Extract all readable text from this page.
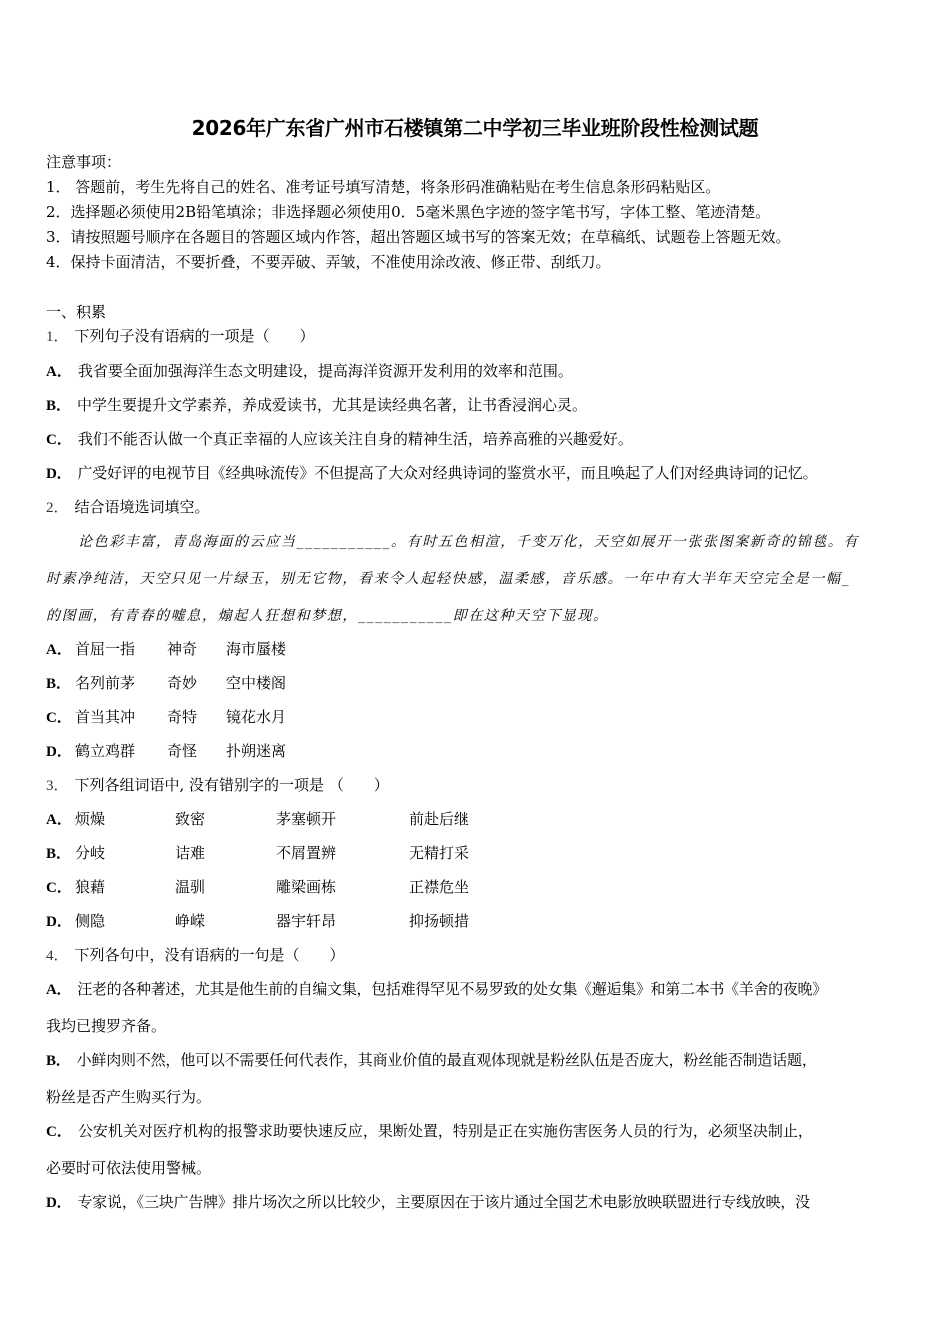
2026年广东省广州市石楼镇第二中学初三毕业班阶段性检测试题
注意事项：
1． 答题前，考生先将自己的姓名、准考证号填写清楚，将条形码准确粘贴在考生信息条形码粘贴区。
2．选择题必须使用2B铅笔填涂；非选择题必须使用0．5毫米黑色字迹的签字笔书写，字体工整、笔迹清楚。
3．请按照题号顺序在各题目的答题区域内作答，超出答题区域书写的答案无效；在草稿纸、试题卷上答题无效。
4．保持卡面清洁，不要折叠，不要弄破、弄皱，不准使用涂改液、修正带、刮纸刀。
一、积累
1． 下列句子没有语病的一项是（　　）
A． 我省要全面加强海洋生态文明建设，提高海洋资源开发利用的效率和范围。
B． 中学生要提升文学素养，养成爱读书，尤其是读经典名著，让书香浸润心灵。
C． 我们不能否认做一个真正幸福的人应该关注自身的精神生活，培养高雅的兴趣爱好。
D． 广受好评的电视节目《经典咏流传》不但提高了大众对经典诗词的鉴赏水平，而且唤起了人们对经典诗词的记忆。
2． 结合语境选词填空。
论色彩丰富，青岛海面的云应当___________。有时五色相渲，千变万化，天空如展开一张张图案新奇的锦毯。有
时素净纯洁，天空只见一片绿玉，别无它物，看来令人起轻快感，温柔感，音乐感。一年中有大半年天空完全是一幅_
的图画，有青春的嘘息，煽起人狂想和梦想，___________即在这种天空下显现。
A． 首屈一指 神奇 海市蜃楼
B． 名列前茅 奇妙 空中楼阁
C． 首当其冲 奇特 镜花水月
D． 鹤立鸡群 奇怪 扑朔迷离
3． 下列各组词语中, 没有错别字的一项是 （　　）
A． 烦燥	致密	茅塞顿开	前赴后继
B． 分岐	诘难	不屑置辨	无精打采
C． 狼藉	温驯	雕梁画栋	正襟危坐
D． 侧隐	峥嵘	器宇轩昂	抑扬顿措
4． 下列各句中，没有语病的一句是（　　）
A． 汪老的各种著述，尤其是他生前的自编文集，包括难得罕见不易罗致的处女集《邂逅集》和第二本书《羊舍的夜晚》
我均已搜罗齐备。
B． 小鲜肉则不然，他可以不需要任何代表作，其商业价值的最直观体现就是粉丝队伍是否庞大，粉丝能否制造话题，
粉丝是否产生购买行为。
C． 公安机关对医疗机构的报警求助要快速反应，果断处置，特别是正在实施伤害医务人员的行为，必须坚决制止，
必要时可依法使用警械。
D． 专家说，《三块广告牌》排片场次之所以比较少，主要原因在于该片通过全国艺术电影放映联盟进行专线放映，没
